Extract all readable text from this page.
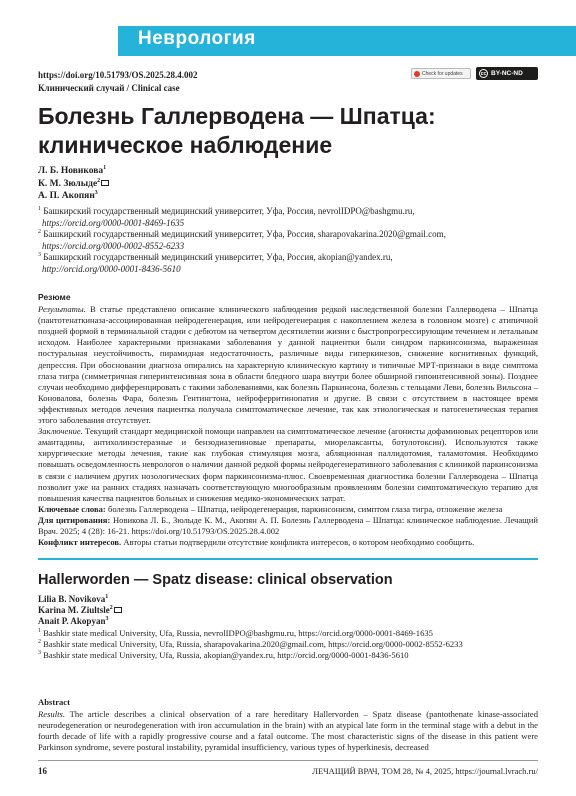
Неврология
https://doi.org/10.51793/OS.2025.28.4.002
Клинический случай / Clinical case
Check for updates	cc BY-NC-ND
Болезнь Галлерводена — Шпатца: клиническое наблюдение
Л. Б. Новикова$^1$
К. М. Зюлыде$^2$
А. П. Акопян$^3$
$^1$ Башкирский государственный медицинский университет, Уфа, Россия, nevrolIDPO@bashgmu.ru,
https://orcid.org/0000-0001-8469-1635
$^2$ Башкирский государственный медицинский университет, Уфа, Россия, sharapovakarina.2020@gmail.com,
https://orcid.org/0000-0002-8552-6233
$^3$ Башкирский государственный медицинский университет, Уфа, Россия, akopian@yandex.ru,
http://orcid.org/0000-0001-8436-5610
Резюме
Результаты. В статье представлено описание клинического наблюдения редкой наследственной болезни Галлерводена – Шпатца (пантотенаткиназа-ассоциированная нейродегенерация, или нейродегенерация с накоплением железа в головном мозге) с атипичной поздней формой в терминальной стадии с дебютом на четвертом десятилетии жизни с быстропрогрессирующим течением и летальным исходом. Наиболее характерными признаками заболевания у данной пациентки были синдром паркинсонизма, выраженная постуральная неустойчивость, пирамидная недостаточность, различные виды гиперкинезов, снижение когнитивных функций, депрессия. При обосновании диагноза опирались на характерную клиническую картину и типичные МРТ-признаки в виде симптома глаза тигра (симметричная гиперинтенсивная зона в области бледного шара внутри более обширной гипоинтенсивной зоны). Позднее случаи необходимо дифференцировать с такими заболеваниями, как болезнь Паркинсона, болезнь с тельцами Леви, болезнь Вильсона – Коновалова, болезнь Фара, болезнь Гентингтона, нейроферритинопатия и другие. В связи с отсутствием в настоящее время эффективных методов лечения пациентка получала симптоматическое лечение, так как этиологическая и патогенетическая терапия этого заболевания отсутствует.
Заключение. Текущий стандарт медицинской помощи направлен на симптоматическое лечение (агонисты дофаминовых рецепторов или амантадины, антихолинэстеразные и бензодиазепиновые препараты, миорелаксанты, ботулотоксин). Используются также хирургические методы лечения, такие как глубокая стимуляция мозга, абляционная паллидотомия, таламотомия. Необходимо повышать осведомленность неврологов о наличии данной редкой формы нейродегенеративного заболевания с клиникой паркинсонизма в связи с наличием других нозологических форм паркинсонизма-плюс. Своевременная диагностика болезни Галлерводена – Шпатца позволит уже на ранних стадиях назначать соответствующую многообразным проявлениям болезни симптоматическую терапию для повышения качества пациентов больных и снижения медико-экономических затрат.
Ключевые слова: болезнь Галлерводена – Шпатца, нейродегенерация, паркинсонизм, симптом глаза тигра, отложение железа
Для цитирования: Новикова Л. Б., Зюлыде К. М., Акопян А. П. Болезнь Галлерводена – Шпатца: клиническое наблюдение. Лечащий Врач. 2025; 4 (28): 16-21. https://doi.org/10.51793/OS.2025.28.4.002
Конфликт интересов. Авторы статьи подтвердили отсутствие конфликта интересов, о котором необходимо сообщить.
Hallerworden — Spatz disease: clinical observation
Lilia B. Novikova$^1$
Karina M. Ziultsle$^2$
Anait P. Akopyan$^3$
$^1$ Bashkir state medical University, Ufa, Russia, nevrolIDPO@bashgmu.ru, https://orcid.org/0000-0001-8469-1635
$^2$ Bashkir state medical University, Ufa, Russia, sharapovakarina.2020@gmail.com, https://orcid.org/0000-0002-8552-6233
$^3$ Bashkir state medical University, Ufa, Russia, akopian@yandex.ru, http://orcid.org/0000-0001-8436-5610
Abstract
Results. The article describes a clinical observation of a rare hereditary Hallervorden – Spatz disease (pantothenate kinase-associated neurodegeneration or neurodegeneration with iron accumulation in the brain) with an atypical late form in the terminal stage with a debut in the fourth decade of life with a rapidly progressive course and a fatal outcome. The most characteristic signs of the disease in this patient were Parkinson syndrome, severe postural instability, pyramidal insufficiency, various types of hyperkinesis, decreased
16	ЛЕЧАЩИЙ ВРАЧ, ТОМ 28, № 4, 2025, https://journal.lvrach.ru/
